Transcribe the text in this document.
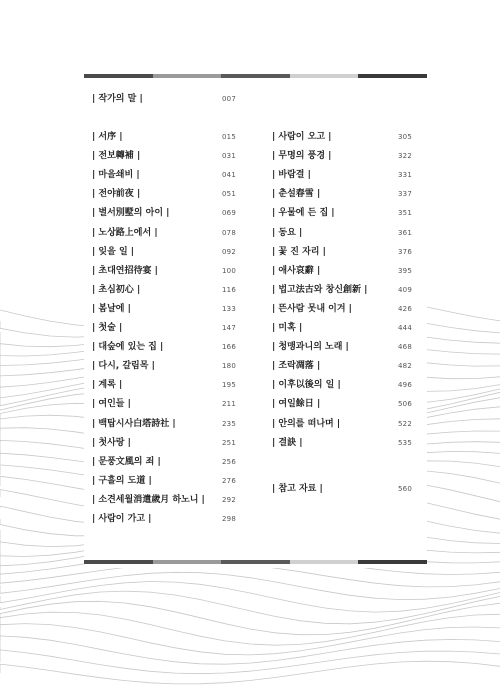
| 작가의 말 |	007
| 서序 |	015
| 전보轉補 |	031
| 마을쇄비 |	041
| 전야前夜 |	051
| 별서別墅의 아이 |	069
| 노상路上에서 |	078
| 잊을 일 |	092
| 초대연招待宴 |	100
| 초심初心 |	116
| 봄날에 |	133
| 첫술 |	147
| 대숲에 있는 집 |	166
| 다시, 갈림목 |	180
| 계록 |	195
| 여인들 |	211
| 백탑시사白塔詩社 |	235
| 첫사랑 |	251
| 문풍文風의 죄 |	256
| 구흘의 도道 |	276
| 소견세월消遣歲月 하노니 | 292
| 사람이 가고 |	298
| 사람이 오고 |	305
| 무명의 풍경 |	322
| 바람결 |	331
| 춘설春雪 |	337
| 우물에 든 집 |	351
| 동요 |	361
| 꽃 진 자리 |	376
| 애사哀辭 |	395
| 법고法古와 창신創新 |	409
| 뜬사람 못내 이겨 |	426
| 미혹 |	444
| 청맹과니의 노래 |	468
| 조락凋落 |	482
| 이후以後의 일 |	496
| 여일餘日 |	506
| 안의를 떠나며 |	522
| 결訣 |	535
| 참고 자료 |	560
